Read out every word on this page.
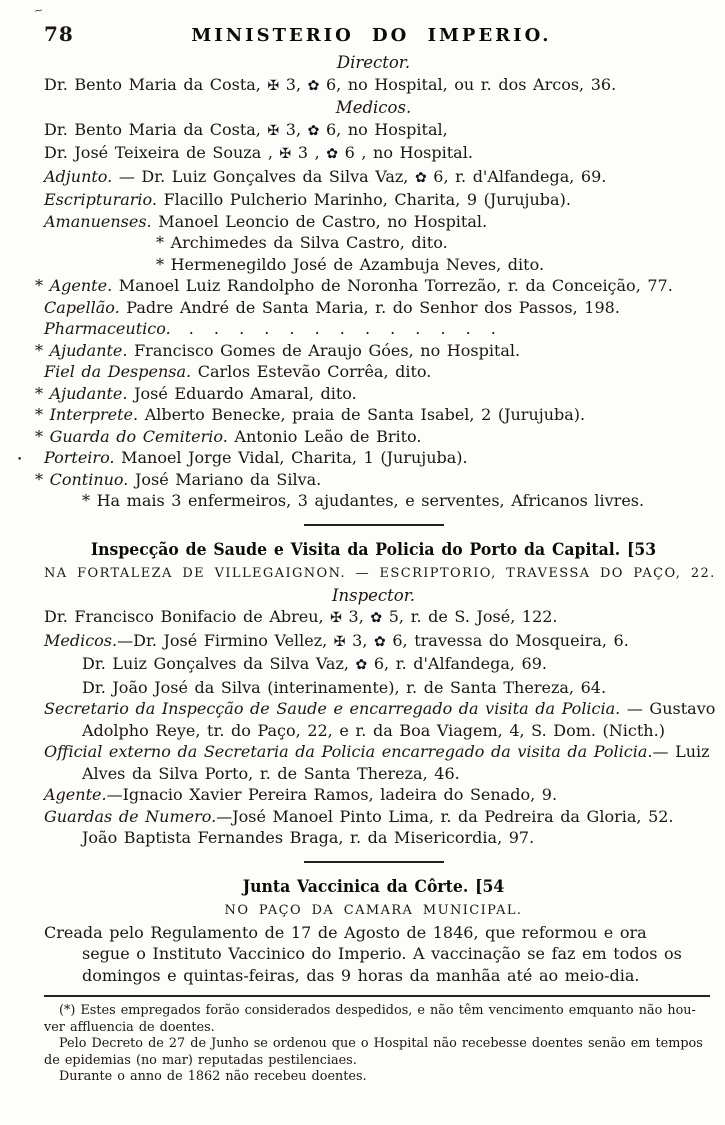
~
78	MINISTERIO DO IMPERIO.
Director.
Dr. Bento Maria da Costa, ✠ 3, ✿ 6, no Hospital, ou r. dos Arcos, 36.
Medicos.
Dr. Bento Maria da Costa, ✠ 3, ✿ 6, no Hospital,
Dr. José Teixeira de Souza , ✠ 3 , ✿ 6 , no Hospital.
Adjunto. — Dr. Luiz Gonçalves da Silva Vaz, ✿ 6, r. d'Alfandega, 69.
Escripturario. Flacillo Pulcherio Marinho, Charita, 9 (Jurujuba).
Amanuenses. Manoel Leoncio de Castro, no Hospital.
* Archimedes da Silva Castro, dito.
* Hermenegildo José de Azambuja Neves, dito.
* Agente. Manoel Luiz Randolpho de Noronha Torrezão, r. da Conceição, 77.
Capellão. Padre André de Santa Maria, r. do Senhor dos Passos, 198.
Pharmaceutico. . . . . . . . . . . . . .
* Ajudante. Francisco Gomes de Araujo Góes, no Hospital.
Fiel da Despensa. Carlos Estevão Corrêa, dito.
* Ajudante. José Eduardo Amaral, dito.
* Interprete. Alberto Benecke, praia de Santa Isabel, 2 (Jurujuba).
* Guarda do Cemiterio. Antonio Leão de Brito.
• Porteiro. Manoel Jorge Vidal, Charita, 1 (Jurujuba).
* Continuo. José Mariano da Silva.
* Ha mais 3 enfermeiros, 3 ajudantes, e serventes, Africanos livres.
Inspecção de Saude e Visita da Policia do Porto da Capital. [53
NA FORTALEZA DE VILLEGAIGNON. — ESCRIPTORIO, TRAVESSA DO PAÇO, 22.
Inspector.
Dr. Francisco Bonifacio de Abreu, ✠ 3, ✿ 5, r. de S. José, 122.
Medicos.—Dr. José Firmino Vellez, ✠ 3, ✿ 6, travessa do Mosqueira, 6.
Dr. Luiz Gonçalves da Silva Vaz, ✿ 6, r. d'Alfandega, 69.
Dr. João José da Silva (interinamente), r. de Santa Thereza, 64.
Secretario da Inspecção de Saude e encarregado da visita da Policia. — Gustavo
Adolpho Reye, tr. do Paço, 22, e r. da Boa Viagem, 4, S. Dom. (Nicth.)
Official externo da Secretaria da Policia encarregado da visita da Policia.— Luiz
Alves da Silva Porto, r. de Santa Thereza, 46.
Agente.—Ignacio Xavier Pereira Ramos, ladeira do Senado, 9.
Guardas de Numero.—José Manoel Pinto Lima, r. da Pedreira da Gloria, 52.
João Baptista Fernandes Braga, r. da Misericordia, 97.
Junta Vaccinica da Côrte. [54
NO PAÇO DA CAMARA MUNICIPAL.
Creada pelo Regulamento de 17 de Agosto de 1846, que reformou e ora
segue o Instituto Vaccinico do Imperio. A vaccinação se faz em todos os
domingos e quintas-feiras, das 9 horas da manhãa até ao meio-dia.
(*) Estes empregados forão considerados despedidos, e não têm vencimento emquanto não hou-
ver affluencia de doentes.
Pelo Decreto de 27 de Junho se ordenou que o Hospital não recebesse doentes senão em tempos
de epidemias (no mar) reputadas pestilenciaes.
Durante o anno de 1862 não recebeu doentes.
